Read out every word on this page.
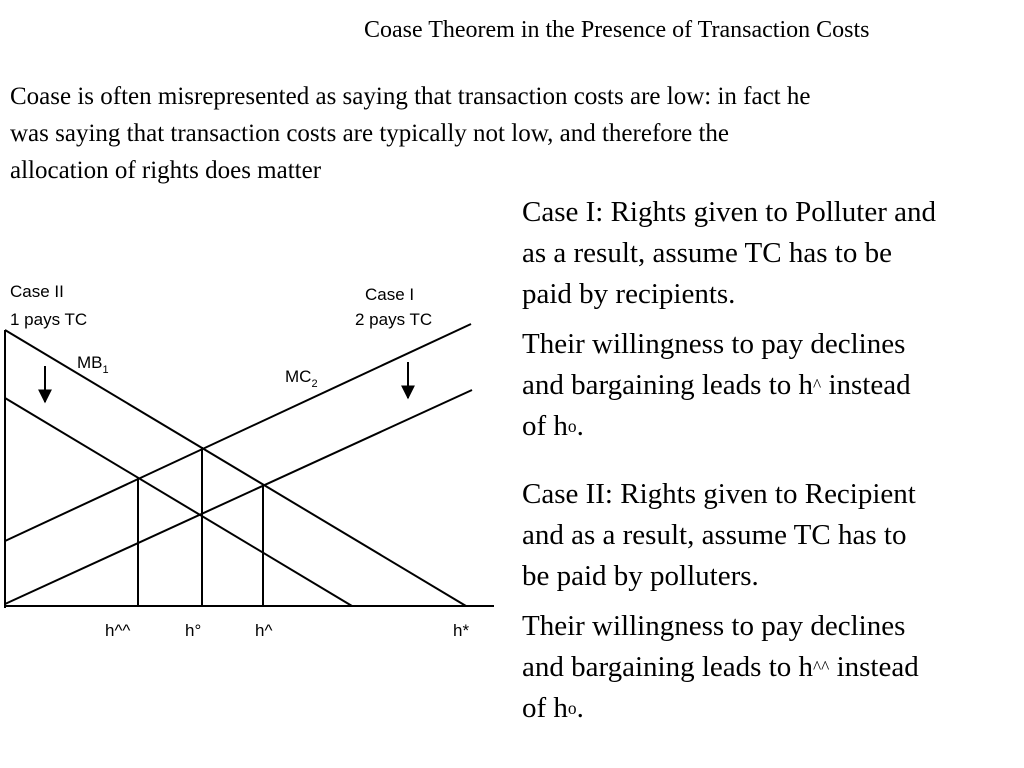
Coase Theorem in the Presence of Transaction Costs
Coase is often misrepresented as saying that transaction costs are low: in fact he
was saying that transaction costs are typically not low, and therefore the
allocation of rights does matter

Case I: Rights given to Polluter and

as a result, assume TC has to be

paid by recipients.

Their willingness to pay declines

and bargaining leads to h^ instead

of $h^o$.

Case II: Rights given to Recipient

and as a result, assume TC has to

be paid by polluters.

Their willingness to pay declines

and bargaining leads to h^^ instead

of $h^o$.

Case II
1 pays TC
Case I
2 pays TC
$MB_1$	$MC_2$
h^^	h°	h^	h*
